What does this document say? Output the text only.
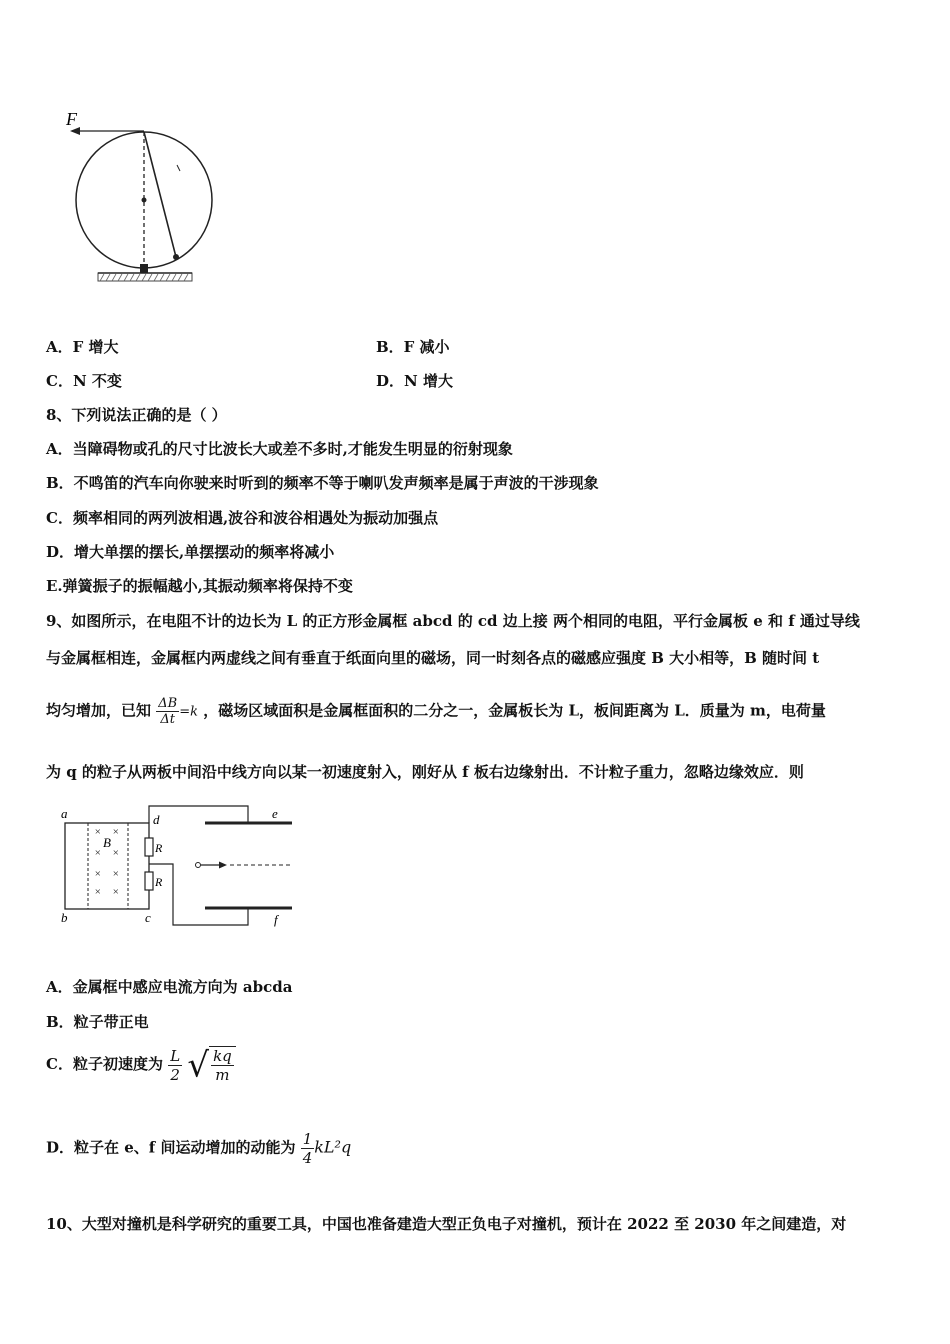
F
A．F 增大	B．F 减小
C．N 不变	D．N 增大
8、下列说法正确的是（ ）
A．当障碍物或孔的尺寸比波长大或差不多时,才能发生明显的衍射现象
B．不鸣笛的汽车向你驶来时听到的频率不等于喇叭发声频率是属于声波的干涉现象
C．频率相同的两列波相遇,波谷和波谷相遇处为振动加强点
D．增大单摆的摆长,单摆摆动的频率将减小
E.弹簧振子的振幅越小,其振动频率将保持不变
9、如图所示，在电阻不计的边长为 L 的正方形金属框 abcd 的 cd 边上接 两个相同的电阻，平行金属板 e 和 f 通过导线
与金属框相连，金属框内两虚线之间有垂直于纸面向里的磁场，同一时刻各点的磁感应强度 B 大小相等，B 随时间 t
均匀增加，已知 $\frac{\Delta B}{\Delta t} =k$ ，磁场区域面积是金属框面积的二分之一，金属板长为 L，板间距离为 L．质量为 m，电荷量
为 q 的粒子从两板中间沿中线方向以某一初速度射入，刚好从 f 板右边缘射出．不计粒子重力，忽略边缘效应．则
a
b	c
d
× ×
× ×
× ×
× ×
B	R
R
e
f
A．金属框中感应电流方向为 abcda
B．粒子带正电
C．粒子初速度为 $\frac{L}{2}$ √ $\frac{kq}{m}$
D．粒子在 e、f 间运动增加的动能为 $\frac{1}{4} kL^2q$
10、大型对撞机是科学研究的重要工具，中国也准备建造大型正负电子对撞机，预计在 2022 至 2030 年之间建造，对
